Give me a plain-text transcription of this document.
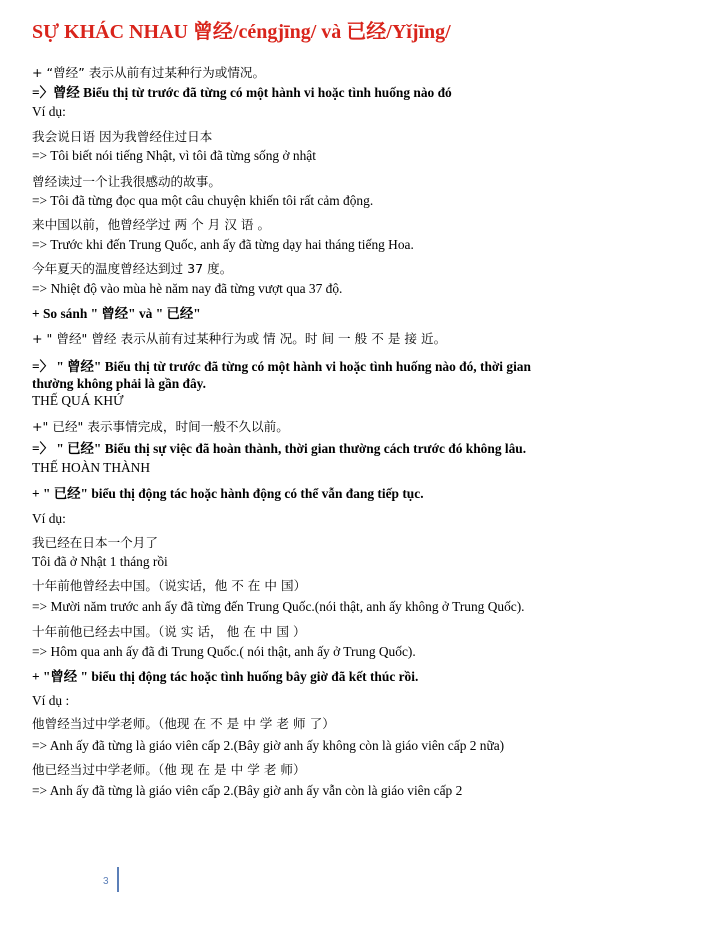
SỰ KHÁC NHAU 曾经/céngjīng/ và 已经/Yǐjīng/
+ “曾经” 表示从前有过某种行为或情况。
=〉曾经 Biểu thị từ trước đã từng có một hành vi hoặc tình huống nào đó
Ví dụ:
我会说日语 因为我曾经住过日本
=> Tôi biết nói tiếng Nhật, vì tôi đã từng sống ở nhật
曾经读过一个让我很感动的故事。
=> Tôi đã từng đọc qua một câu chuyện khiến tôi rất cảm động.
来中国以前，他曾经学过 两 个 月 汉 语 。
=> Trước khi đến Trung Quốc, anh ấy đã từng dạy hai tháng tiếng Hoa.
今年夏天的温度曾经达到过 37 度。
=> Nhiệt độ vào mùa hè năm nay đã từng vượt qua 37 độ.
+ So sánh " 曾经" và " 已经"
+ " 曾经" 曾经 表示从前有过某种行为或 情 况。时 间 一 般 不 是 接 近。
=〉 " 曾经" Biểu thị từ trước đã từng có một hành vi hoặc tình huống nào đó, thời gian
thường không phải là gần đây.
THẾ QUÁ KHỨ
+" 已经" 表示事情完成，时间一般不久以前。
=〉 " 已经" Biểu thị sự việc đã hoàn thành, thời gian thường cách trước đó không lâu.
THẾ HOÀN THÀNH
+ " 已经" biểu thị động tác hoặc hành động có thể vẫn đang tiếp tục.
Ví dụ:
我已经在日本一个月了
Tôi đã ở Nhật 1 tháng rồi
十年前他曾经去中国。（说实话，他 不 在 中 国）
=> Mười năm trước anh ấy đã từng đến Trung Quốc.(nói thật, anh ấy không ở Trung Quốc).
十年前他已经去中国。（说 实 话， 他 在 中 国 ）
=> Hôm qua anh ấy đã đi Trung Quốc.( nói thật, anh ấy ở Trung Quốc).
+ "曾经 " biểu thị động tác hoặc tình huống bây giờ đã kết thúc rồi.
Ví dụ :
他曾经当过中学老师。（他现 在 不 是 中 学 老 师 了）
=> Anh ấy đã từng là giáo viên cấp 2.(Bây giờ anh ấy không còn là giáo viên cấp 2 nữa)
他已经当过中学老师。（他 现 在 是 中 学 老 师）
=> Anh ấy đã từng là giáo viên cấp 2.(Bây giờ anh ấy vẫn còn là giáo viên cấp 2
3
